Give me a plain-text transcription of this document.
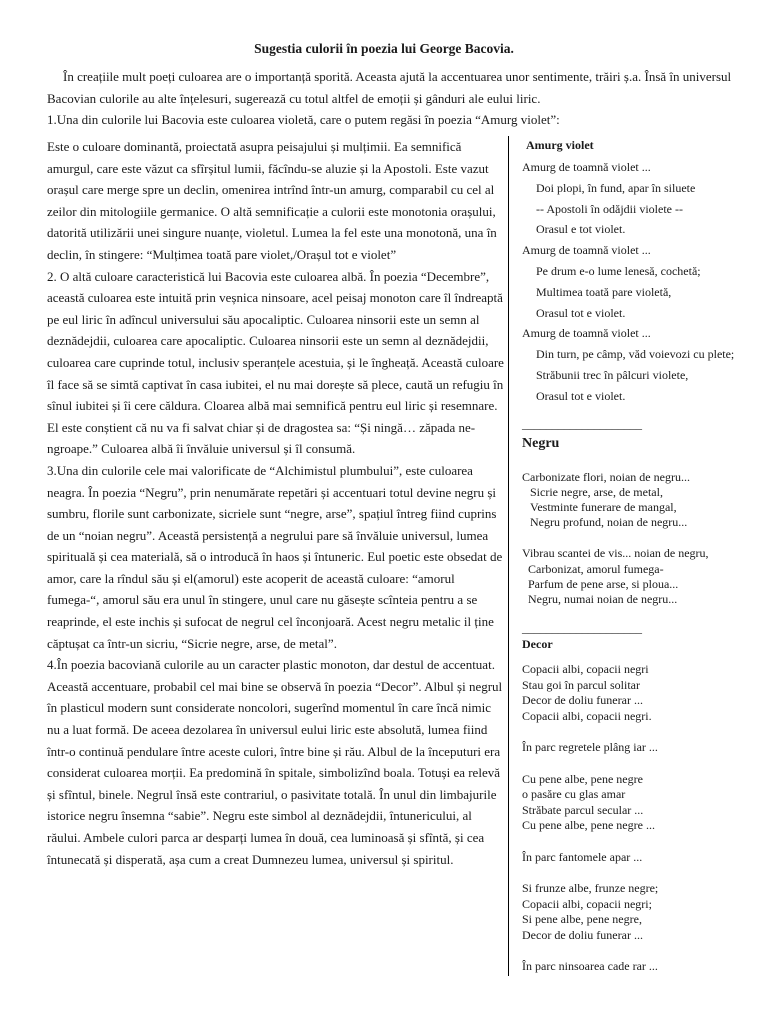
Sugestia culorii în poezia lui George Bacovia.

În creațiile mult poeți culoarea are o importanță sporită. Aceasta ajută la accentuarea unor sentimente, trăiri ș.a. Însă în universul Bacovian culorile au alte înțelesuri, sugerează cu totul altfel de emoții și gânduri ale eului liric.

1.Una din culorile lui Bacovia este culoarea violetă, care o putem regăsi în poezia “Amurg violet”:

Este o culoare dominantă, proiectată asupra peisajului și mulțimii. Ea semnifică amurgul, care este văzut ca sfîrșitul lumii, făcîndu-se aluzie și la Apostoli. Este vazut orașul care merge spre un declin, omenirea intrînd într-un amurg, comparabil cu cel al zeilor din mitologiile germanice. O altă semnificație a culorii este monotonia orașului, datorită utilizării unei singure nuanțe, violetul. Lumea la fel este una monotonă, una în declin, în stingere: “Mulțimea toată pare violet,/Orașul tot e violet”

2. O altă culoare caracteristică lui Bacovia este culoarea albă. În poezia “Decembre”, această culoarea este intuită prin veșnica ninsoare, acel peisaj monoton care îl îndreaptă pe eul liric în adîncul universului său apocaliptic. Culoarea ninsorii este un semn al deznădejdii, culoarea care apocaliptic. Culoarea ninsorii este un semn al deznădejdii, culoarea care cuprinde totul, inclusiv speranțele acestuia, și le îngheață. Această culoare îl face să se simtă captivat în casa iubitei, el nu mai dorește să plece, caută un refugiu în sînul iubitei și îi cere căldura. Cloarea albă mai semnifică pentru eul liric și resemnare. El este conștient că nu va fi salvat chiar și de dragostea sa: “Și ningă… zăpada ne-ngroape.” Culoarea albă îi învăluie universul și îl consumă.

3.Una din culorile cele mai valorificate de “Alchimistul plumbului”, este culoarea neagra. În poezia “Negru”, prin nenumărate repetări și accentuari totul devine negru și sumbru, florile sunt carbonizate, sicriele sunt “negre, arse”, spațiul întreg fiind cuprins de un “noian negru”. Această persistență a negrului pare să învăluie universul, lumea spirituală și cea materială, să o introducă în haos și întuneric. Eul poetic este obsedat de amor, care la rîndul său și el(amorul) este acoperit de această culoare: “amorul fumega-“, amorul său era unul în stingere, unul care nu găsește scînteia pentru a se reaprinde, el este inchis și sufocat de negrul cel înconjoară. Acest negru metalic il ține căptușat ca într-un sicriu, “Sicrie negre, arse, de metal”.

4.În poezia bacoviană culorile au un caracter plastic monoton, dar destul de accentuat. Această accentuare, probabil cel mai bine se observă în poezia “Decor”. Albul și negrul în plasticul modern sunt considerate noncolori, sugerînd momentul în care încă nimic nu a luat formă. De aceea dezolarea în universul eului liric este absolută, lumea fiind într-o continuă pendulare între aceste culori, între bine și rău. Albul de la începuturi era considerat culoarea morții. Ea predomină în spitale, simbolizînd boala. Totuși ea relevă și sfîntul, binele. Negrul însă este contrariul, o pasivitate totală. În unul din limbajurile istorice negru însemna “sabie”. Negru este simbol al deznădejdii, întunericului, al răului. Ambele culori parca ar desparți lumea în două, cea luminoasă și sfîntă, și cea întunecată și disperată, așa cum a creat Dumnezeu lumea, universul și spiritul.

Amurg violet

Amurg de toamnă violet ...

Doi plopi, în fund, apar în siluete

-- Apostoli în odăjdii violete --

Orasul e tot violet.

Amurg de toamnă violet ...

Pe drum e-o lume lenesă, cochetă;

Multimea toată pare violetă,

Orasul tot e violet.

Amurg de toamnă violet ...

Din turn, pe câmp, văd voievozi cu plete;

Străbunii trec în pâlcuri violete,

Orasul tot e violet.

____________________
Negru

Carbonizate flori, noian de negru...

Sicrie negre, arse, de metal,

Vestminte funerare de mangal,

Negru profund, noian de negru...

Vibrau scantei de vis... noian de negru,

Carbonizat, amorul fumega-

Parfum de pene arse, si ploua...

Negru, numai noian de negru...

____________________
Decor

Copacii albi, copacii negri

Stau goi în parcul solitar

Decor de doliu funerar ...

Copacii albi, copacii negri.

În parc regretele plâng iar ...

Cu pene albe, pene negre

o pasăre cu glas amar

Străbate parcul secular ...

Cu pene albe, pene negre ...

În parc fantomele apar ...

Si frunze albe, frunze negre;

Copacii albi, copacii negri;

Si pene albe, pene negre,

Decor de doliu funerar ...

În parc ninsoarea cade rar ...
